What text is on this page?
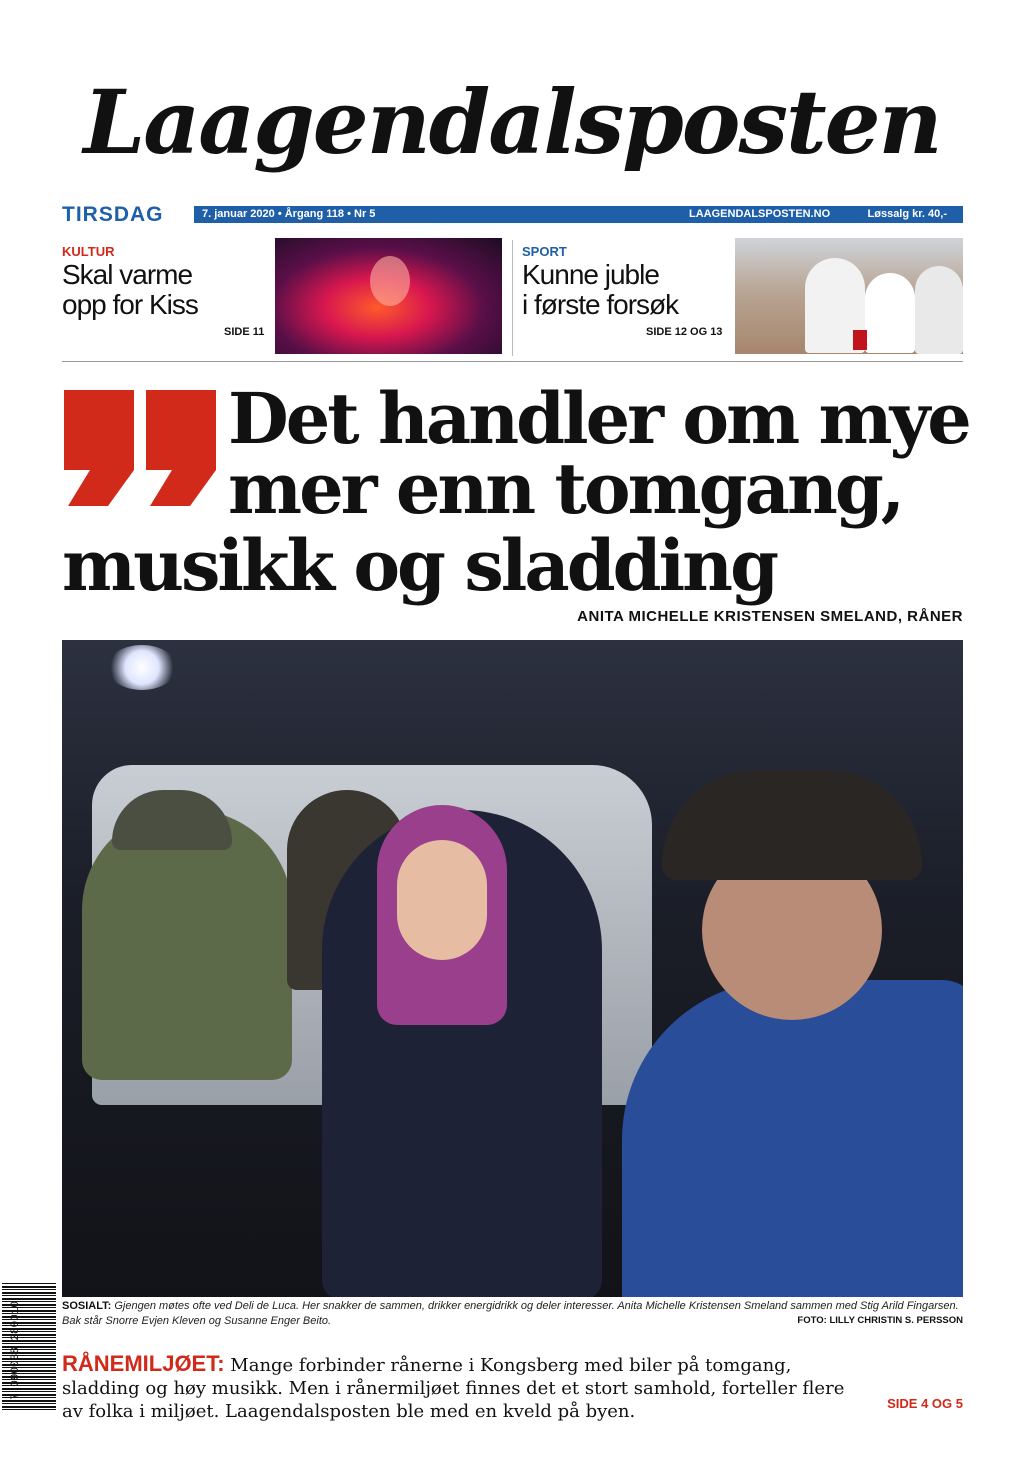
Laagendalsposten
TIRSDAG	7. januar 2020 • Årgang 118 • Nr 5	LAAGENDALSPOSTEN.NO	Løssalg kr. 40,-
KULTUR
Skal varme
opp for Kiss
SIDE 11
SPORT
Kunne juble
i første forsøk
SIDE 12 OG 13
Det handler om mye
mer enn tomgang,
musikk og sladding
ANITA MICHELLE KRISTENSEN SMELAND, RÅNER
7 090038 280010	SOSIALT: Gjengen møtes ofte ved Deli de Luca. Her snakker de sammen, drikker energidrikk og deler interesser. Anita Michelle Kristensen Smeland sammen med Stig Arild Fingarsen. Bak står Snorre Evjen Kleven og Susanne Enger Beito.	FOTO: LILLY CHRISTIN S. PERSSON
RÅNEMILJØET: Mange forbinder rånerne i Kongsberg med biler på tomgang, sladding og høy musikk. Men i rånermiljøet finnes det et stort samhold, forteller flere av folka i miljøet. Laagendalsposten ble med en kveld på byen.	SIDE 4 OG 5
